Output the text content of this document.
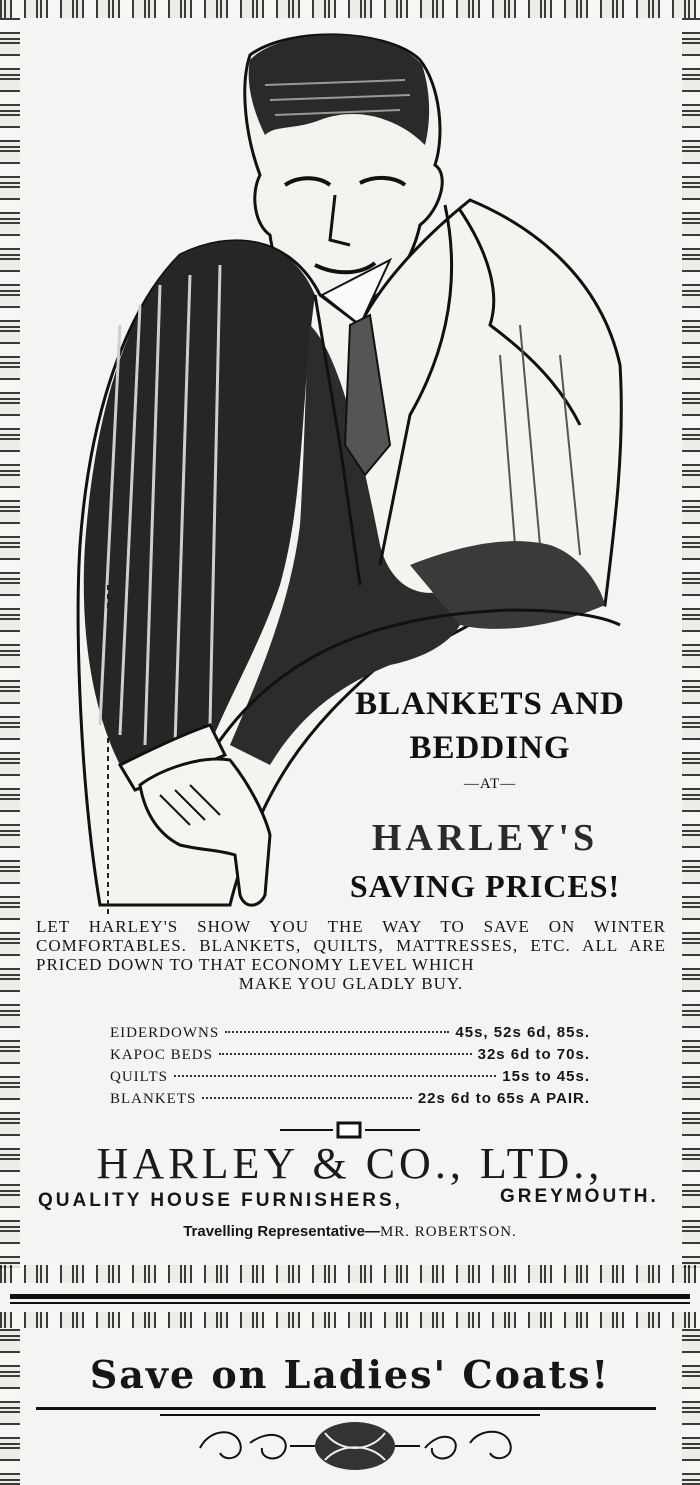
BLANKETS AND
BEDDING
—AT—
HARLEY'S
SAVING PRICES!
LET HARLEY'S SHOW YOU THE WAY TO SAVE ON WINTER COMFORTABLES. BLANKETS, QUILTS, MATTRESSES, ETC. ALL ARE PRICED DOWN TO THAT ECONOMY LEVEL WHICH
MAKE YOU GLADLY BUY.
EIDERDOWNS	45s, 52s 6d, 85s.
KAPOC BEDS	32s 6d to 70s.
QUILTS	15s to 45s.
BLANKETS	22s 6d to 65s A PAIR.
HARLEY & CO., LTD.,
QUALITY HOUSE FURNISHERS,	GREYMOUTH.
Travelling Representative—MR. ROBERTSON.
Save on Ladies' Coats!
